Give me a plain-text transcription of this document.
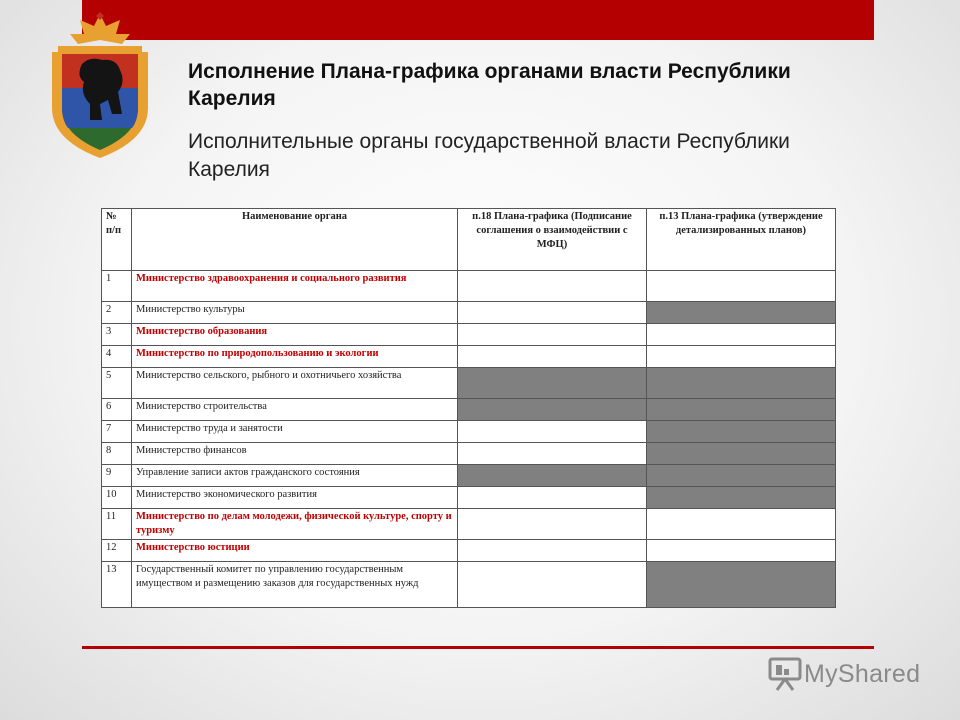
Исполнение Плана-графика органами власти Республики Карелия
Исполнительные органы государственной власти Республики Карелия
№ п/п	Наименование органа	п.18 Плана-графика (Подписание соглашения о взаимодействии с МФЦ)	п.13 Плана-графика (утверждение детализированных планов)
1	Министерство здравоохранения и социального развития		
2	Министерство культуры		
3	Министерство образования		
4	Министерство по природопользованию и экологии		
5	Министерство сельского, рыбного и охотничьего хозяйства		
6	Министерство строительства		
7	Министерство труда и занятости		
8	Министерство финансов		
9	Управление записи актов гражданского состояния		
10	Министерство экономического развития		
11	Министерство по делам молодежи, физической культуре, спорту и туризму		
12	Министерство юстиции		
13	Государственный комитет по управлению государственным имуществом и размещению заказов для государственных нужд		
MyShared
